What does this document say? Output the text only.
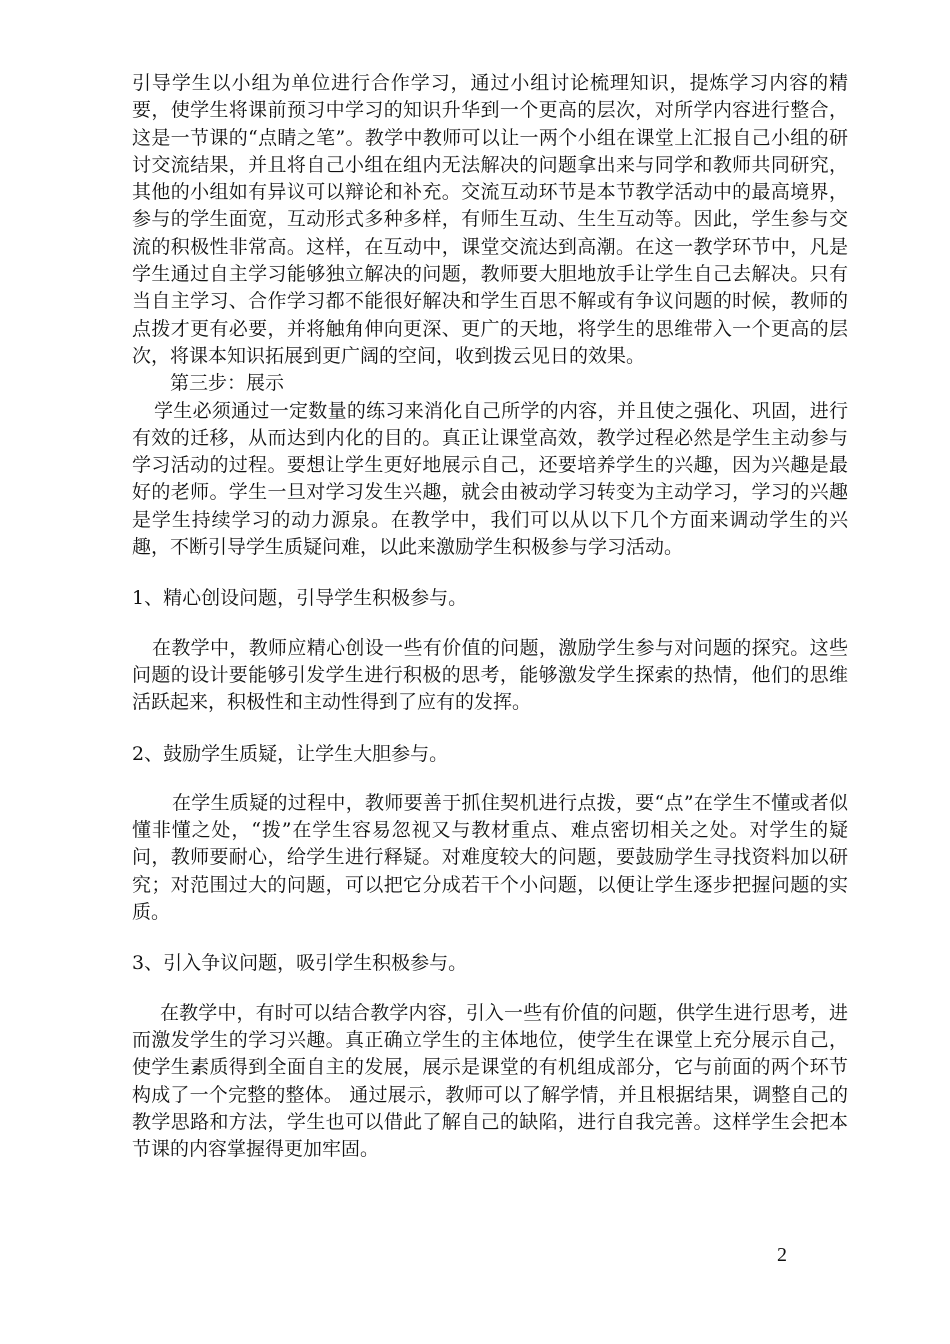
引导学生以小组为单位进行合作学习，通过小组讨论梳理知识，提炼学习内容的精要，使学生将课前预习中学习的知识升华到一个更高的层次，对所学内容进行整合，这是一节课的“点睛之笔”。教学中教师可以让一两个小组在课堂上汇报自己小组的研讨交流结果，并且将自己小组在组内无法解决的问题拿出来与同学和教师共同研究，其他的小组如有异议可以辩论和补充。交流互动环节是本节教学活动中的最高境界，参与的学生面宽，互动形式多种多样，有师生互动、生生互动等。因此，学生参与交流的积极性非常高。这样，在互动中，课堂交流达到高潮。在这一教学环节中，凡是学生通过自主学习能够独立解决的问题，教师要大胆地放手让学生自己去解决。只有当自主学习、合作学习都不能很好解决和学生百思不解或有争议问题的时候，教师的点拨才更有必要，并将触角伸向更深、更广的天地，将学生的思维带入一个更高的层次，将课本知识拓展到更广阔的空间，收到拨云见日的效果。

第三步：展示

学生必须通过一定数量的练习来消化自己所学的内容，并且使之强化、巩固，进行有效的迁移，从而达到内化的目的。真正让课堂高效，教学过程必然是学生主动参与学习活动的过程。要想让学生更好地展示自己，还要培养学生的兴趣，因为兴趣是最好的老师。学生一旦对学习发生兴趣，就会由被动学习转变为主动学习，学习的兴趣是学生持续学习的动力源泉。在教学中，我们可以从以下几个方面来调动学生的兴趣，不断引导学生质疑问难，以此来激励学生积极参与学习活动。

1、精心创设问题，引导学生积极参与。

在教学中，教师应精心创设一些有价值的问题，激励学生参与对问题的探究。这些问题的设计要能够引发学生进行积极的思考，能够激发学生探索的热情，他们的思维活跃起来，积极性和主动性得到了应有的发挥。

2、鼓励学生质疑，让学生大胆参与。

在学生质疑的过程中，教师要善于抓住契机进行点拨，要“点”在学生不懂或者似懂非懂之处，“拨”在学生容易忽视又与教材重点、难点密切相关之处。对学生的疑问，教师要耐心，给学生进行释疑。对难度较大的问题，要鼓励学生寻找资料加以研究；对范围过大的问题，可以把它分成若干个小问题，以便让学生逐步把握问题的实质。

3、引入争议问题，吸引学生积极参与。

在教学中，有时可以结合教学内容，引入一些有价值的问题，供学生进行思考，进而激发学生的学习兴趣。真正确立学生的主体地位，使学生在课堂上充分展示自己，使学生素质得到全面自主的发展，展示是课堂的有机组成部分，它与前面的两个环节构成了一个完整的整体。 通过展示，教师可以了解学情，并且根据结果，调整自己的教学思路和方法，学生也可以借此了解自己的缺陷，进行自我完善。这样学生会把本节课的内容掌握得更加牢固。

2
